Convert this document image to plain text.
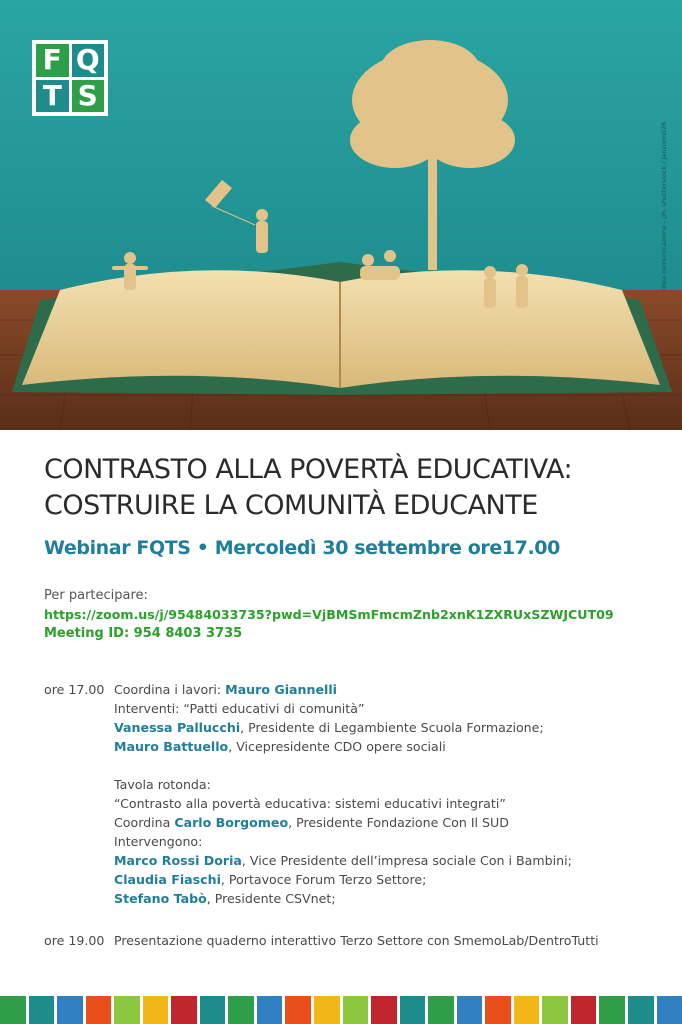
F Q
T S
idea comunicazione - ph. shutterstock / jenzoon028
CONTRASTO ALLA POVERTÀ EDUCATIVA:
COSTRUIRE LA COMUNITÀ EDUCANTE
Webinar FQTS • Mercoledì 30 settembre ore17.00
Per partecipare:
https://zoom.us/j/95484033735?pwd=VjBMSmFmcmZnb2xnK1ZXRUxSZWJCUT09
Meeting ID: 954 8403 3735
ore 17.00 Coordina i lavori: Mauro Giannelli
Interventi: “Patti educativi di comunità”
Vanessa Pallucchi, Presidente di Legambiente Scuola Formazione;
Mauro Battuello, Vicepresidente CDO opere sociali
Tavola rotonda:
“Contrasto alla povertà educativa: sistemi educativi integrati”
Coordina Carlo Borgomeo, Presidente Fondazione Con Il SUD
Intervengono:
Marco Rossi Doria, Vice Presidente dell’impresa sociale Con i Bambini;
Claudia Fiaschi, Portavoce Forum Terzo Settore;
Stefano Tabò, Presidente CSVnet;
ore 19.00 Presentazione quaderno interattivo Terzo Settore con SmemoLab/DentroTutti
